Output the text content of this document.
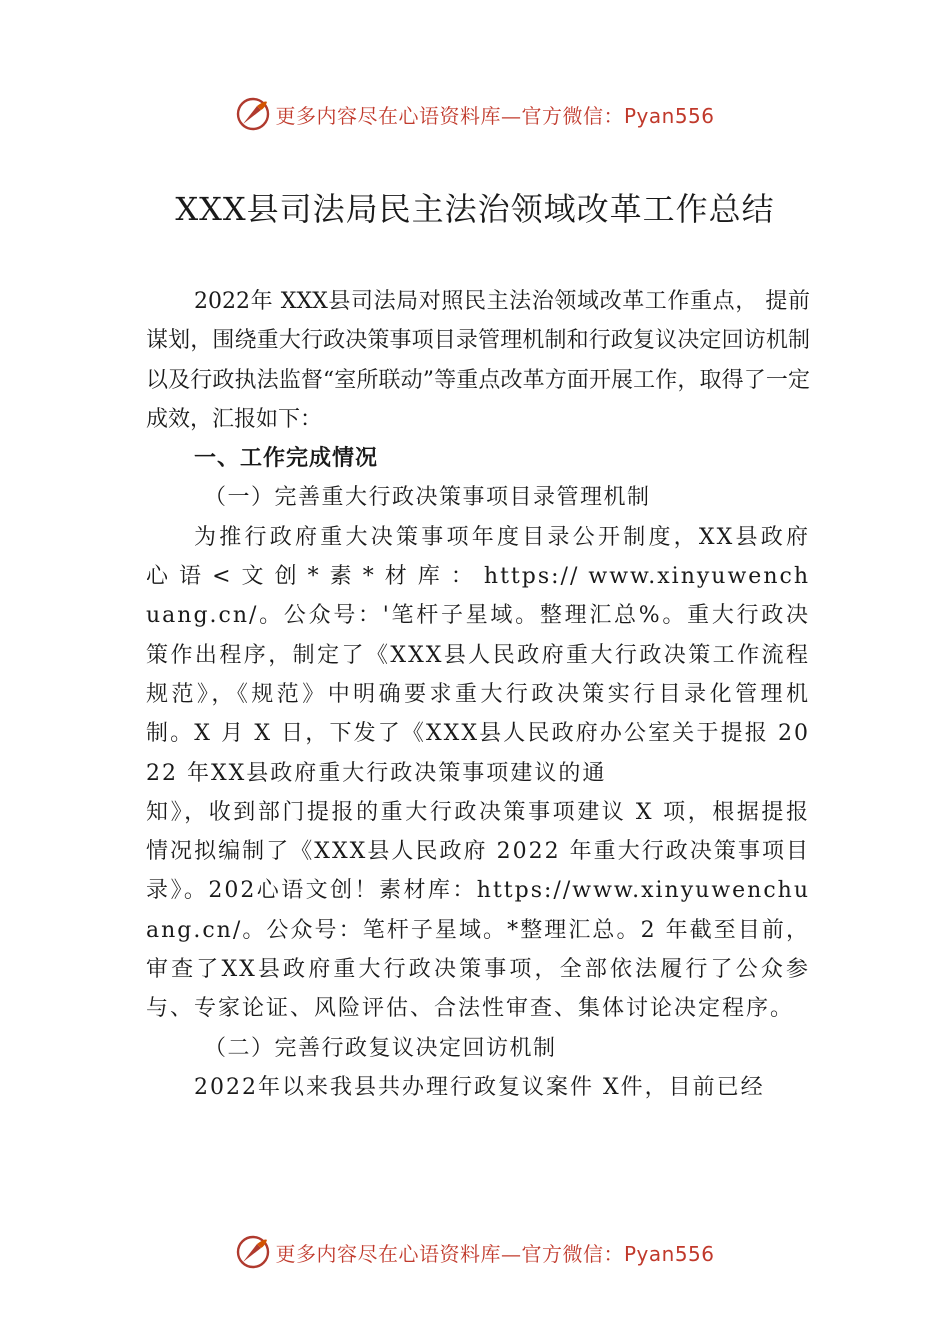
更多内容尽在心语资料库—官方微信：Pyan556
XXX县司法局民主法治领域改革工作总结

2022年 XXX县司法局对照民主法治领域改革工作重点， 提前谋划，围绕重大行政决策事项目录管理机制和行政复议决定回访机制以及行政执法监督“室所联动”等重点改革方面开展工作，取得了一定成效，汇报如下：

一、工作完成情况

（一）完善重大行政决策事项目录管理机制

为推行政府重大决策事项年度目录公开制度，XX县政府 心 语 < 文 创 * 素 * 材 库 ： https:// www.xinyuwenchuang.cn/。公众号：'笔杆子星域。整理汇总%。重大行政决策作出程序，制定了《XXX县人民政府重大行政决策工作流程规范》，《规范》中明确要求重大行政决策实行目录化管理机制。X 月 X 日，下发了《XXX县人民政府办公室关于提报 2022 年XX县政府重大行政决策事项建议的通

知》，收到部门提报的重大行政决策事项建议 X 项，根据提报情况拟编制了《XXX县人民政府 2022 年重大行政决策事项目录》。202心语文创！素材库：https://www.xinyuwenchuang.cn/。公众号：笔杆子星域。*整理汇总。2 年截至目前，审查了XX县政府重大行政决策事项，全部依法履行了公众参与、专家论证、风险评估、合法性审查、集体讨论决定程序。

（二）完善行政复议决定回访机制

2022年以来我县共办理行政复议案件 X件，目前已经

更多内容尽在心语资料库—官方微信：Pyan556
